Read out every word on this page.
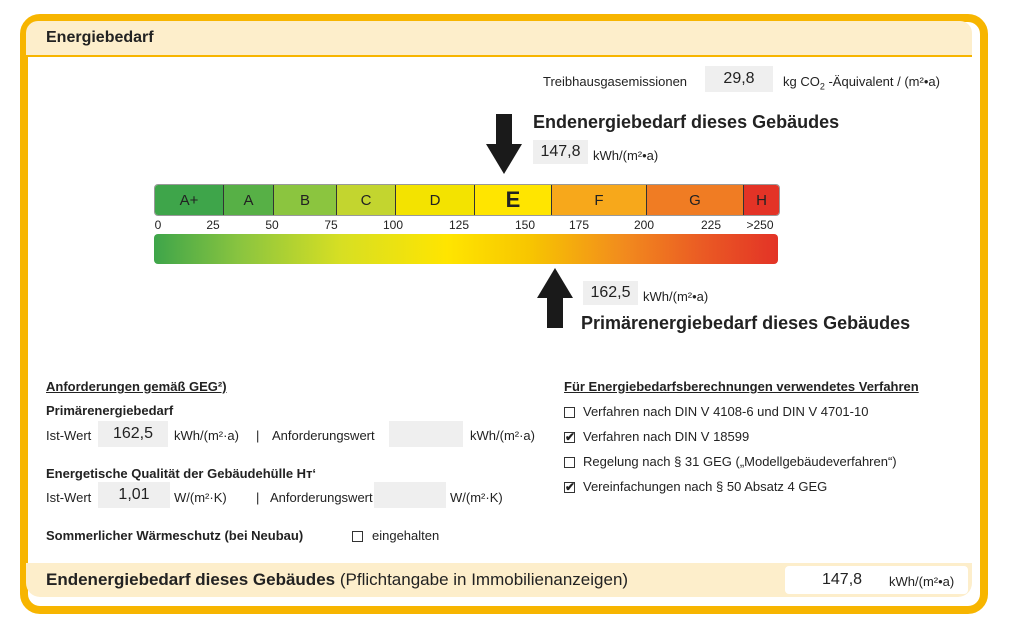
Energiebedarf
Treibhausgasemissionen	29,8	kg $CO_2$ -Äquivalent / (m²•a)
Endenergiebedarf dieses Gebäudes
147,8 kWh/(m²•a)
A+	A	B	C	D	E	F	G	H
0	25	50	75	100	125	150	175	200	225 >250
162,5 kWh/(m²•a)
Primärenergiebedarf dieses Gebäudes
Anforderungen gemäß GEG²)
Primärenergiebedarf
Ist-Wert	162,5	kWh/(m²·a) | Anforderungswert	kWh/(m²·a)
Energetische Qualität der Gebäudehülle Hᴛ‘
Ist-Wert	1,01	W/(m²·K) | Anforderungswert	W/(m²·K)
Sommerlicher Wärmeschutz (bei Neubau)	eingehalten
Für Energiebedarfsberechnungen verwendetes Verfahren
Verfahren nach DIN V 4108-6 und DIN V 4701-10
✔ Verfahren nach DIN V 18599
Regelung nach § 31 GEG („Modellgebäudeverfahren“)
✔ Vereinfachungen nach § 50 Absatz 4 GEG
Endenergiebedarf dieses Gebäudes (Pflichtangabe in Immobilienanzeigen)	147,8 kWh/(m²•a)
